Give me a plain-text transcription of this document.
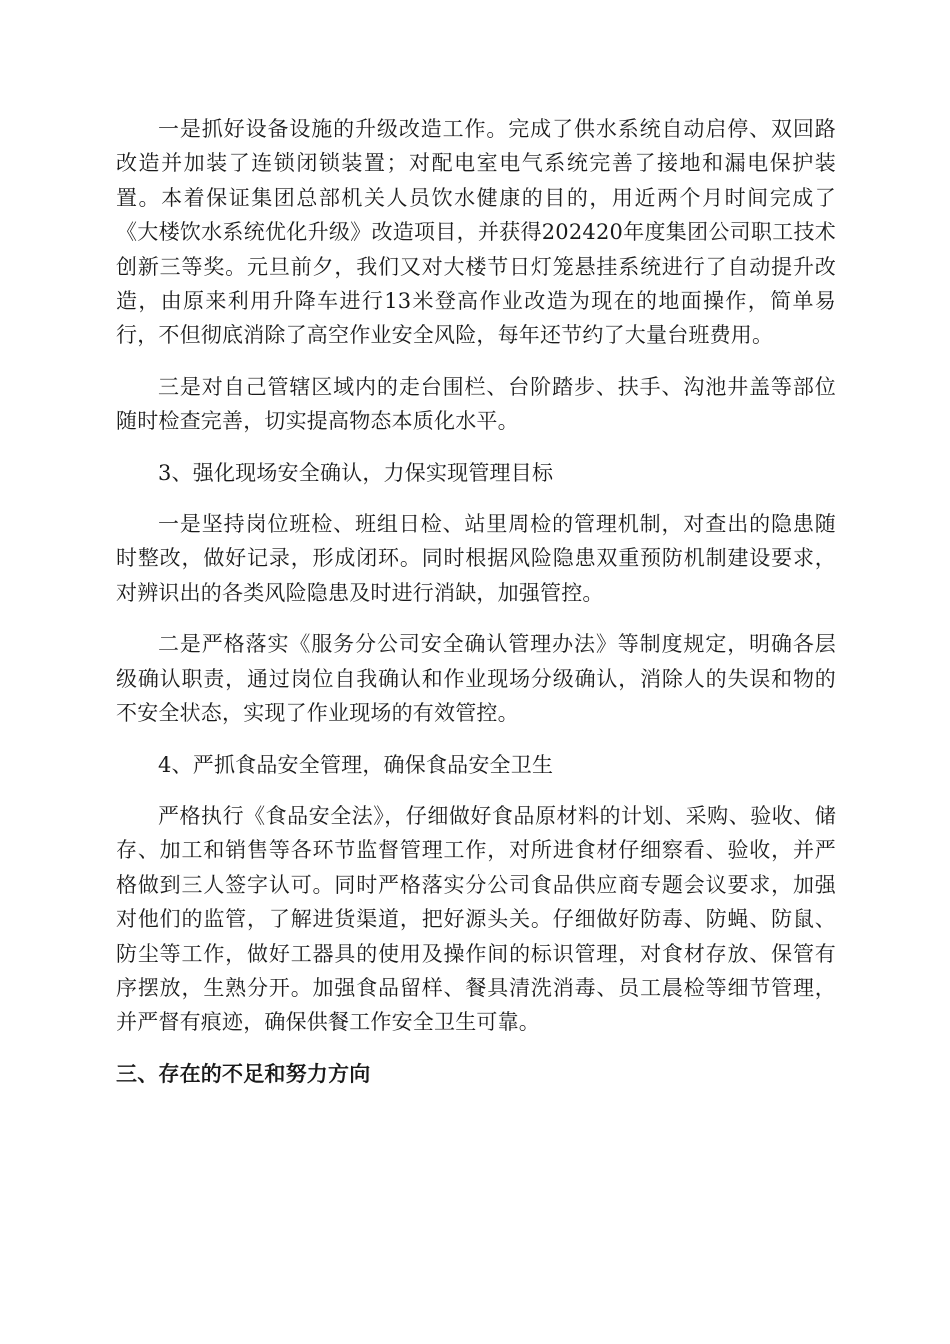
一是抓好设备设施的升级改造工作。完成了供水系统自动启停、双回路改造并加装了连锁闭锁装置；对配电室电气系统完善了接地和漏电保护装置。本着保证集团总部机关人员饮水健康的目的，用近两个月时间完成了《大楼饮水系统优化升级》改造项目，并获得202420年度集团公司职工技术创新三等奖。元旦前夕，我们又对大楼节日灯笼悬挂系统进行了自动提升改造，由原来利用升降车进行13米登高作业改造为现在的地面操作，简单易行，不但彻底消除了高空作业安全风险，每年还节约了大量台班费用。

三是对自己管辖区域内的走台围栏、台阶踏步、扶手、沟池井盖等部位随时检查完善，切实提高物态本质化水平。

3、强化现场安全确认，力保实现管理目标

一是坚持岗位班检、班组日检、站里周检的管理机制，对查出的隐患随时整改，做好记录，形成闭环。同时根据风险隐患双重预防机制建设要求，对辨识出的各类风险隐患及时进行消缺，加强管控。

二是严格落实《服务分公司安全确认管理办法》等制度规定，明确各层级确认职责，通过岗位自我确认和作业现场分级确认，消除人的失误和物的不安全状态，实现了作业现场的有效管控。

4、严抓食品安全管理，确保食品安全卫生

严格执行《食品安全法》，仔细做好食品原材料的计划、采购、验收、储存、加工和销售等各环节监督管理工作，对所进食材仔细察看、验收，并严格做到三人签字认可。同时严格落实分公司食品供应商专题会议要求，加强对他们的监管，了解进货渠道，把好源头关。仔细做好防毒、防蝇、防鼠、防尘等工作，做好工器具的使用及操作间的标识管理，对食材存放、保管有序摆放，生熟分开。加强食品留样、餐具清洗消毒、员工晨检等细节管理，并严督有痕迹，确保供餐工作安全卫生可靠。

三、存在的不足和努力方向
